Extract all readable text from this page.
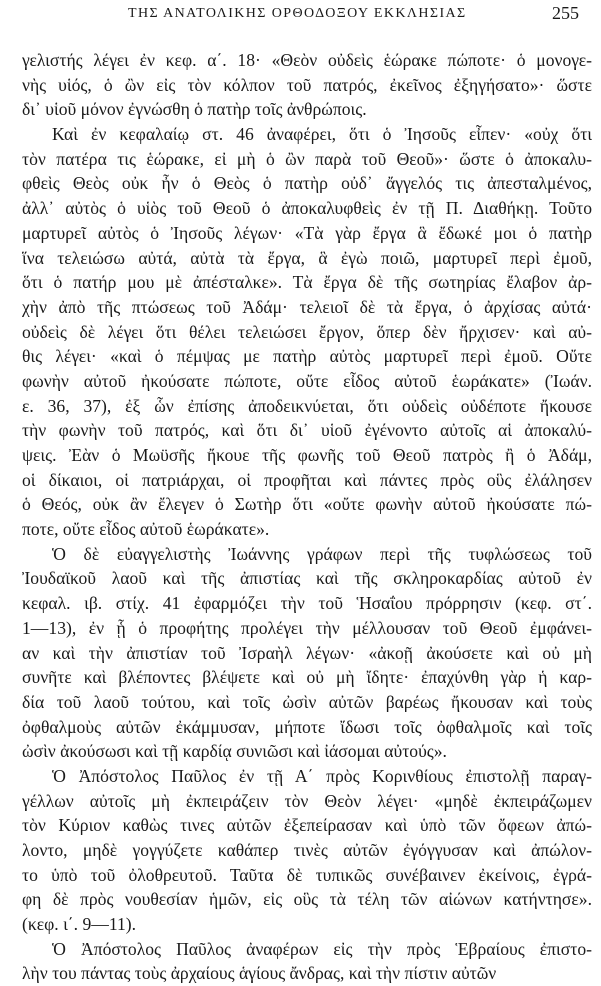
ΤΗΣ ΑΝΑΤΟΛΙΚΗΣ ΟΡΘΟΔΟΞΟΥ ΕΚΚΛΗΣΙΑΣ	255
γελιστής λέγει ἐν κεφ. α΄. 18· «Θεὸν οὐδεὶς ἑώρακε πώποτε· ὁ μονογε-
νὴς υἱός, ὁ ὢν εἰς τὸν κόλπον τοῦ πατρός, ἐκεῖνος ἐξηγήσατο»· ὥστε
δι᾽ υἱοῦ μόνον ἐγνώσθη ὁ πατὴρ τοῖς ἀνθρώποις.
Καὶ ἐν κεφαλαίῳ στ. 46 ἀναφέρει, ὅτι ὁ Ἰησοῦς εἶπεν· «οὐχ ὅτι
τὸν πατέρα τις ἑώρακε, εἰ μὴ ὁ ὢν παρὰ τοῦ Θεοῦ»· ὥστε ὁ ἀποκαλυ-
φθεὶς Θεὸς οὐκ ἦν ὁ Θεὸς ὁ πατὴρ οὐδ᾽ ἄγγελός τις ἀπεσταλμένος,
ἀλλ᾽ αὐτὸς ὁ υἱὸς τοῦ Θεοῦ ὁ ἀποκαλυφθεὶς ἐν τῇ Π. Διαθήκῃ. Τοῦτο
μαρτυρεῖ αὐτὸς ὁ Ἰησοῦς λέγων· «Τὰ γὰρ ἔργα ἃ ἔδωκέ μοι ὁ πατὴρ
ἵνα τελειώσω αὐτά, αὐτὰ τὰ ἔργα, ἃ ἐγὼ ποιῶ, μαρτυρεῖ περὶ ἐμοῦ,
ὅτι ὁ πατήρ μου μὲ ἀπέσταλκε». Τὰ ἔργα δὲ τῆς σωτηρίας ἔλαβον ἀρ-
χὴν ἀπὸ τῆς πτώσεως τοῦ Ἀδάμ· τελειοῖ δὲ τὰ ἔργα, ὁ ἀρχίσας αὐτά·
οὐδεὶς δὲ λέγει ὅτι θέλει τελειώσει ἔργον, ὅπερ δὲν ἤρχισεν· καὶ αὐ-
θις λέγει· «καὶ ὁ πέμψας με πατὴρ αὐτὸς μαρτυρεῖ περὶ ἐμοῦ. Οὔτε
φωνὴν αὐτοῦ ἠκούσατε πώποτε, οὔτε εἶδος αὐτοῦ ἑωράκατε» (Ἰωάν.
ε. 36, 37), ἐξ ὧν ἐπίσης ἀποδεικνύεται, ὅτι οὐδεὶς οὐδέποτε ἤκουσε
τὴν φωνὴν τοῦ πατρός, καὶ ὅτι δι᾽ υἱοῦ ἐγένοντο αὐτοῖς αἱ ἀποκαλύ-
ψεις. Ἐὰν ὁ Μωϋσῆς ἤκουε τῆς φωνῆς τοῦ Θεοῦ πατρὸς ἢ ὁ Ἀδάμ,
οἱ δίκαιοι, οἱ πατριάρχαι, οἱ προφῆται καὶ πάντες πρὸς οὓς ἐλάλησεν
ὁ Θεός, οὐκ ἂν ἔλεγεν ὁ Σωτὴρ ὅτι «οὔτε φωνὴν αὐτοῦ ἠκούσατε πώ-
ποτε, οὔτε εἶδος αὐτοῦ ἑωράκατε».
Ὁ δὲ εὐαγγελιστὴς Ἰωάννης γράφων περὶ τῆς τυφλώσεως τοῦ
Ἰουδαϊκοῦ λαοῦ καὶ τῆς ἀπιστίας καὶ τῆς σκληροκαρδίας αὐτοῦ ἐν
κεφαλ. ιβ. στίχ. 41 ἐφαρμόζει τὴν τοῦ Ἡσαΐου πρόρρησιν (κεφ. στ΄.
1—13), ἐν ᾗ ὁ προφήτης προλέγει τὴν μέλλουσαν τοῦ Θεοῦ ἐμφάνει-
αν καὶ τὴν ἀπιστίαν τοῦ Ἰσραὴλ λέγων· «ἀκοῇ ἀκούσετε καὶ οὐ μὴ
συνῆτε καὶ βλέποντες βλέψετε καὶ οὐ μὴ ἴδητε· ἐπαχύνθη γὰρ ἡ καρ-
δία τοῦ λαοῦ τούτου, καὶ τοῖς ὠσὶν αὐτῶν βαρέως ἤκουσαν καὶ τοὺς
ὀφθαλμοὺς αὐτῶν ἐκάμμυσαν, μήποτε ἴδωσι τοῖς ὀφθαλμοῖς καὶ τοῖς
ὠσὶν ἀκούσωσι καὶ τῇ καρδίᾳ συνιῶσι καὶ ἰάσομαι αὐτούς».
Ὁ Ἀπόστολος Παῦλος ἐν τῇ Α΄ πρὸς Κορινθίους ἐπιστολῇ παραγ-
γέλλων αὐτοῖς μὴ ἐκπειράζειν τὸν Θεὸν λέγει· «μηδὲ ἐκπειράζωμεν
τὸν Κύριον καθὼς τινες αὐτῶν ἐξεπείρασαν καὶ ὑπὸ τῶν ὄφεων ἀπώ-
λοντο, μηδὲ γογγύζετε καθάπερ τινὲς αὐτῶν ἐγόγγυσαν καὶ ἀπώλον-
το ὑπὸ τοῦ ὀλοθρευτοῦ. Ταῦτα δὲ τυπικῶς συνέβαινεν ἐκείνοις, ἐγρά-
φη δὲ πρὸς νουθεσίαν ἡμῶν, εἰς οὓς τὰ τέλη τῶν αἰώνων κατήντησε».
(κεφ. ι΄. 9—11).
Ὁ Ἀπόστολος Παῦλος ἀναφέρων εἰς τὴν πρὸς Ἑβραίους ἐπιστο-
λὴν του πάντας τοὺς ἀρχαίους ἁγίους ἄνδρας, καὶ τὴν πίστιν αὐτῶν
